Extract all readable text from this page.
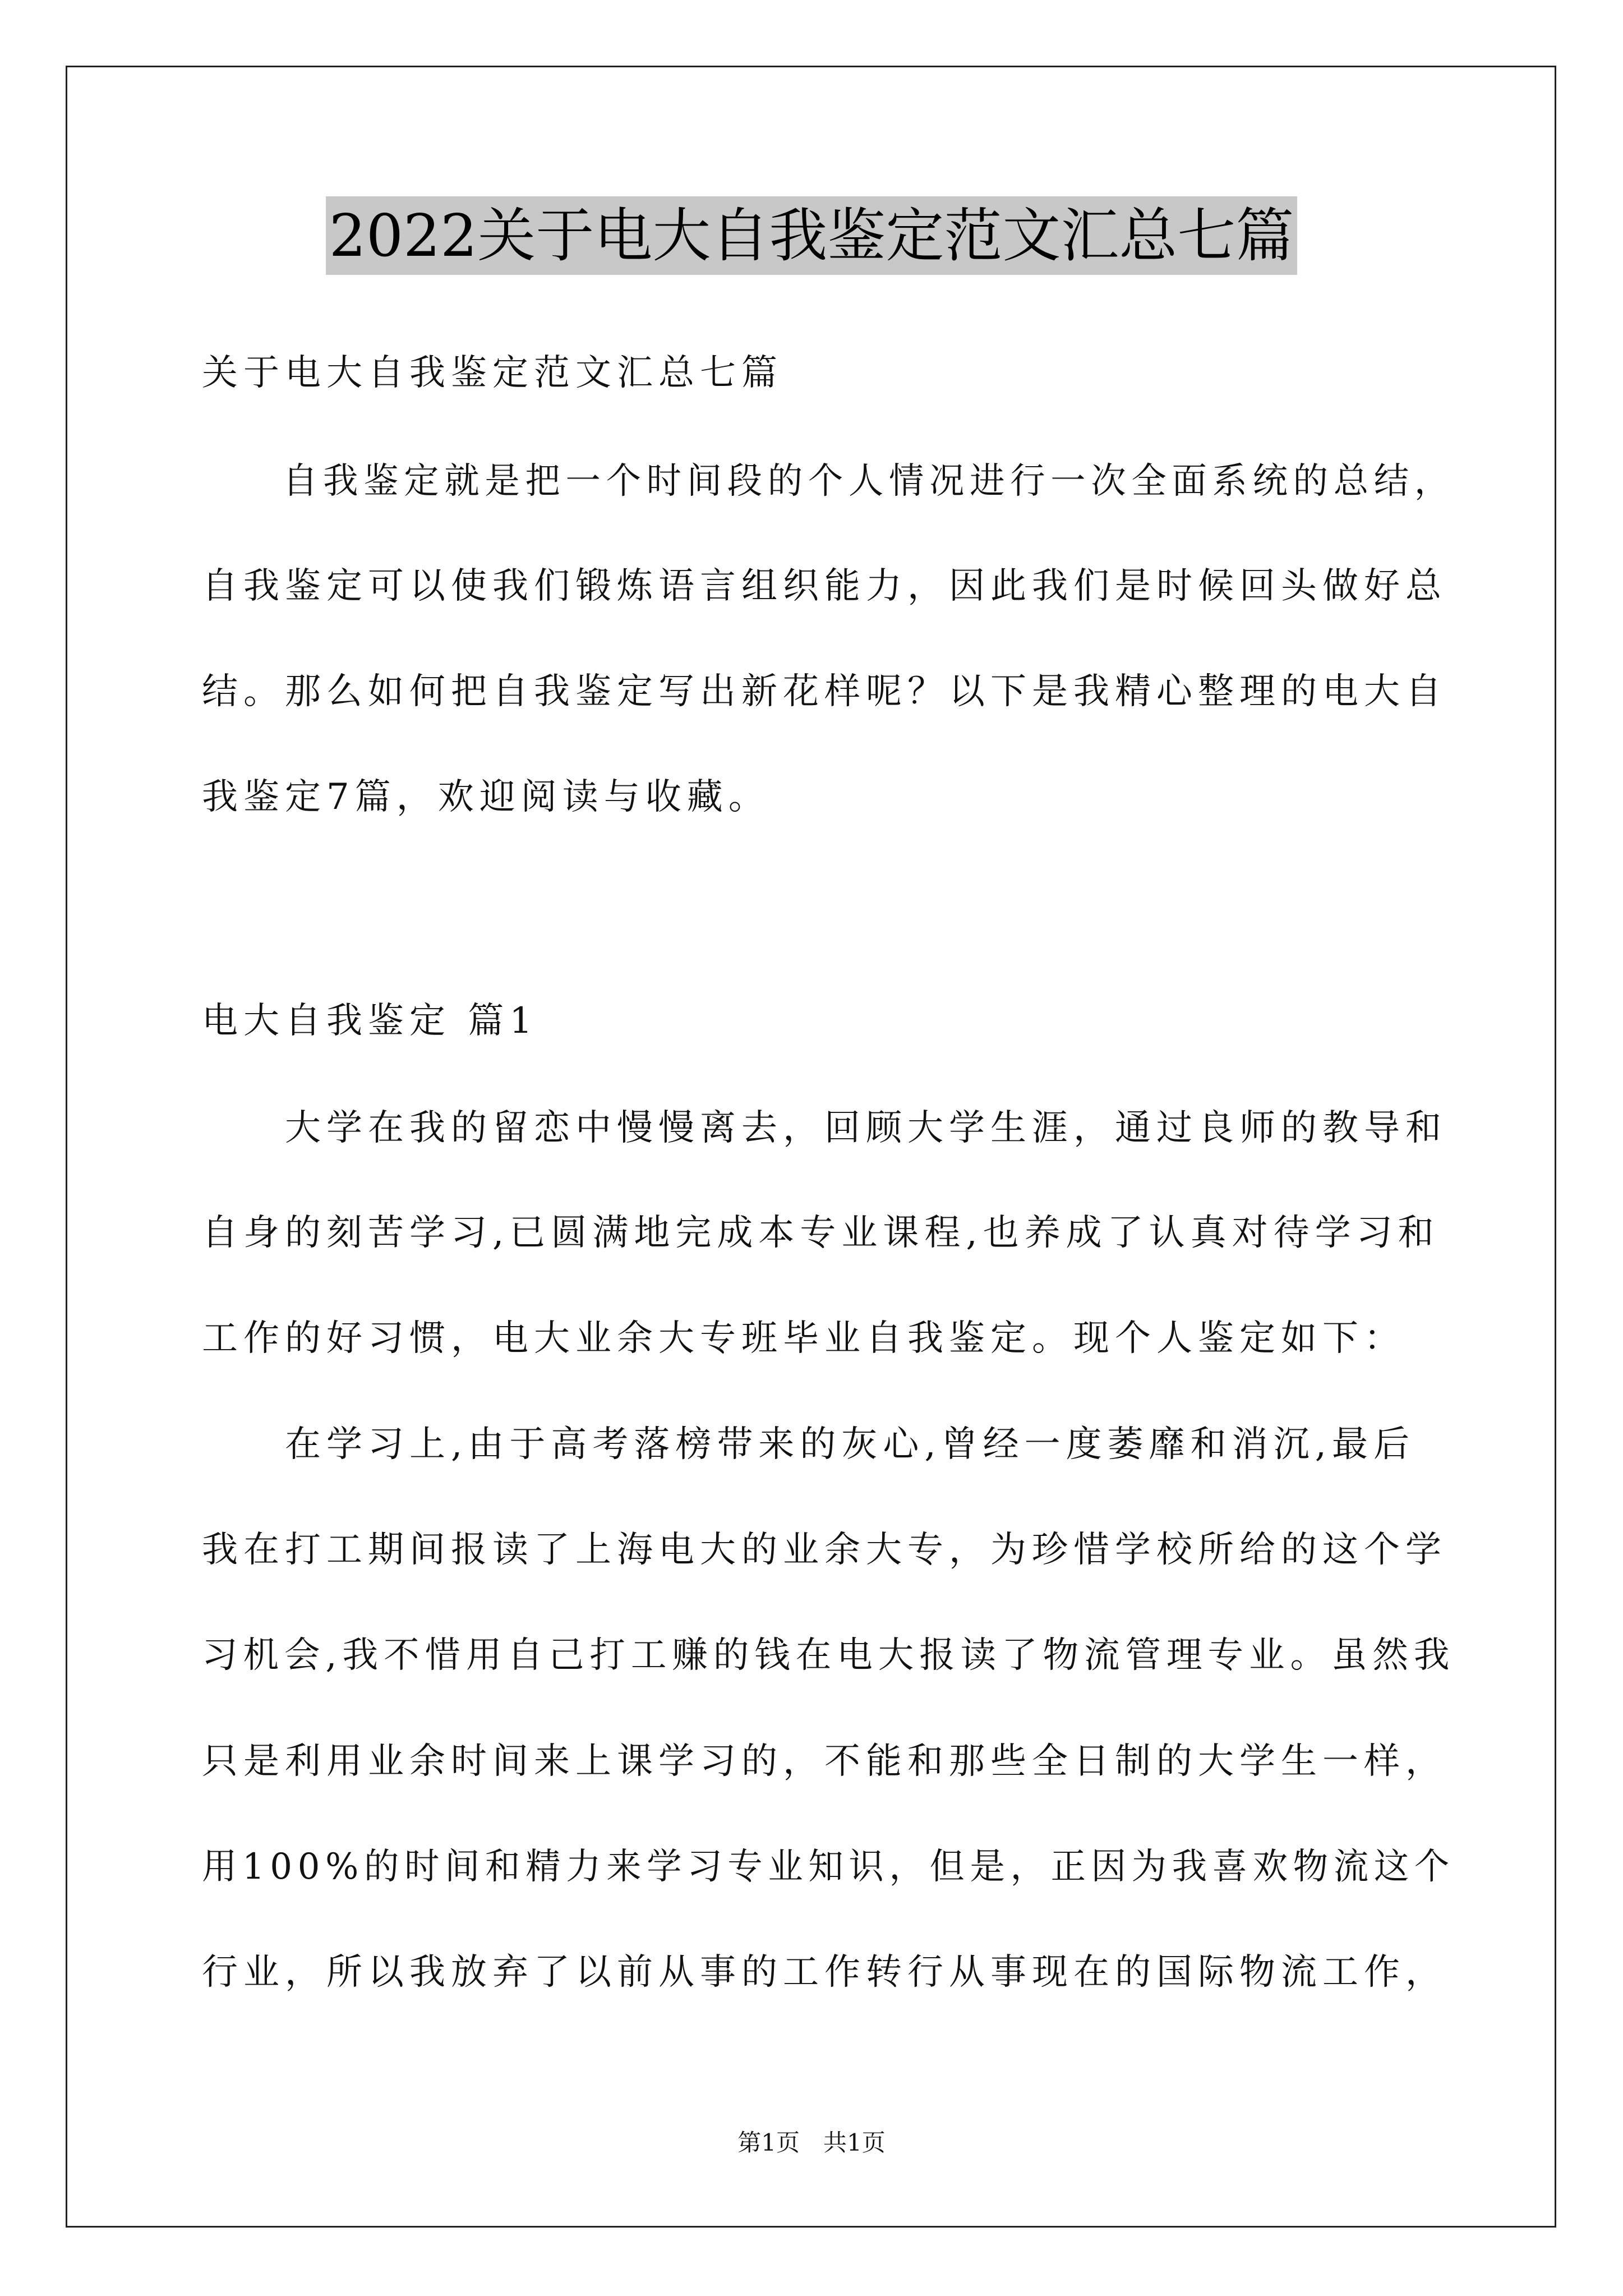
2022关于电大自我鉴定范文汇总七篇
关于电大自我鉴定范文汇总七篇
　　自我鉴定就是把一个时间段的个人情况进行一次全面系统的总结，
自我鉴定可以使我们锻炼语言组织能力，因此我们是时候回头做好总
结。那么如何把自我鉴定写出新花样呢？以下是我精心整理的电大自
我鉴定7篇，欢迎阅读与收藏。
电大自我鉴定 篇1
　　大学在我的留恋中慢慢离去，回顾大学生涯，通过良师的教导和
自身的刻苦学习,已圆满地完成本专业课程,也养成了认真对待学习和
工作的好习惯，电大业余大专班毕业自我鉴定。现个人鉴定如下：
　　在学习上,由于高考落榜带来的灰心,曾经一度萎靡和消沉,最后
我在打工期间报读了上海电大的业余大专，为珍惜学校所给的这个学
习机会,我不惜用自己打工赚的钱在电大报读了物流管理专业。虽然我
只是利用业余时间来上课学习的，不能和那些全日制的大学生一样，
用100%的时间和精力来学习专业知识，但是，正因为我喜欢物流这个
行业，所以我放弃了以前从事的工作转行从事现在的国际物流工作，
第1页　共1页
